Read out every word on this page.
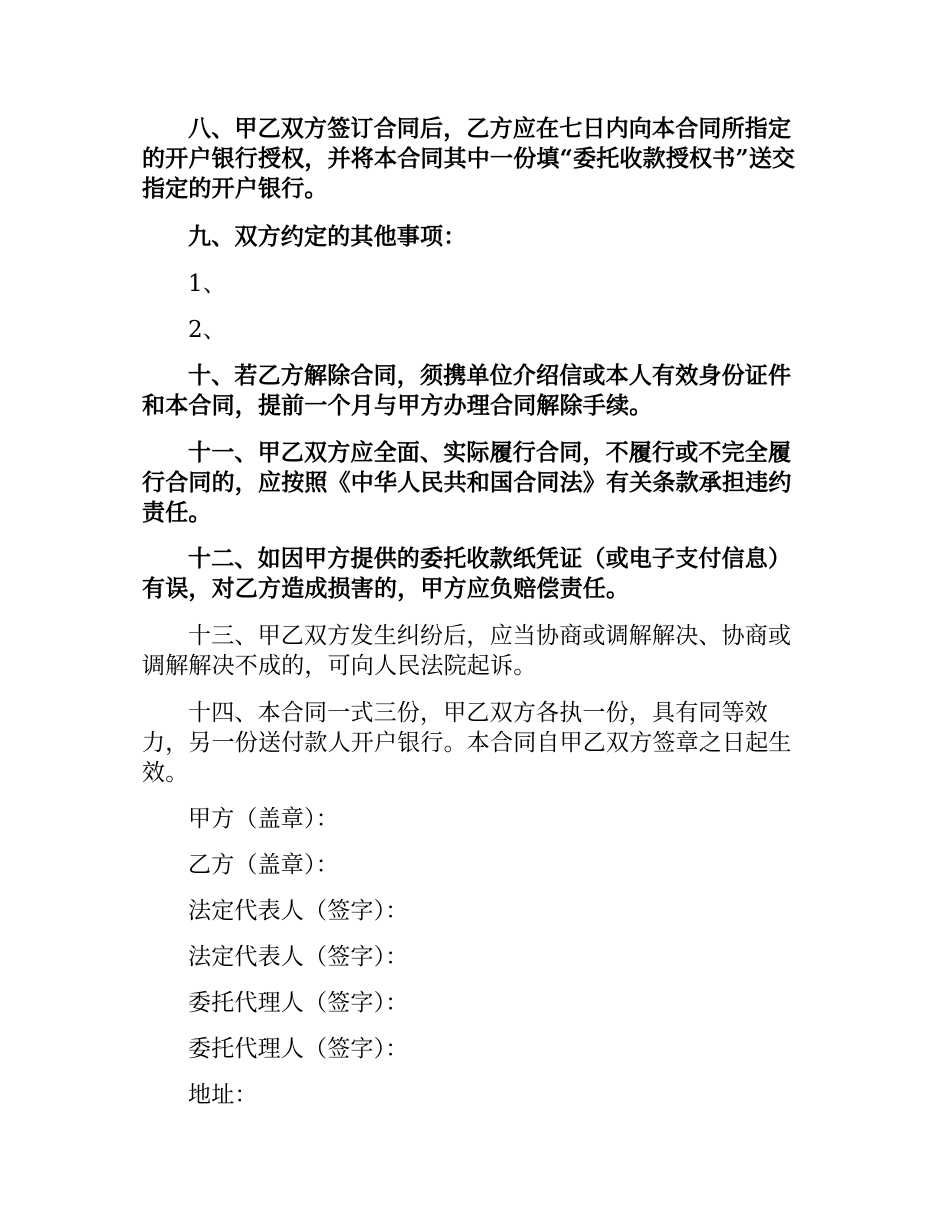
八、甲乙双方签订合同后，乙方应在七日内向本合同所指定的开户银行授权，并将本合同其中一份填“委托收款授权书”送交指定的开户银行。

九、双方约定的其他事项：

1、

2、

十、若乙方解除合同，须携单位介绍信或本人有效身份证件和本合同，提前一个月与甲方办理合同解除手续。

十一、甲乙双方应全面、实际履行合同，不履行或不完全履行合同的，应按照《中华人民共和国合同法》有关条款承担违约责任。

十二、如因甲方提供的委托收款纸凭证（或电子支付信息）有误，对乙方造成损害的，甲方应负赔偿责任。

十三、甲乙双方发生纠纷后，应当协商或调解解决、协商或调解解决不成的，可向人民法院起诉。

十四、本合同一式三份，甲乙双方各执一份，具有同等效力，另一份送付款人开户银行。本合同自甲乙双方签章之日起生效。

甲方（盖章）：

乙方（盖章）：

法定代表人（签字）：

法定代表人（签字）：

委托代理人（签字）：

委托代理人（签字）：

地址：
